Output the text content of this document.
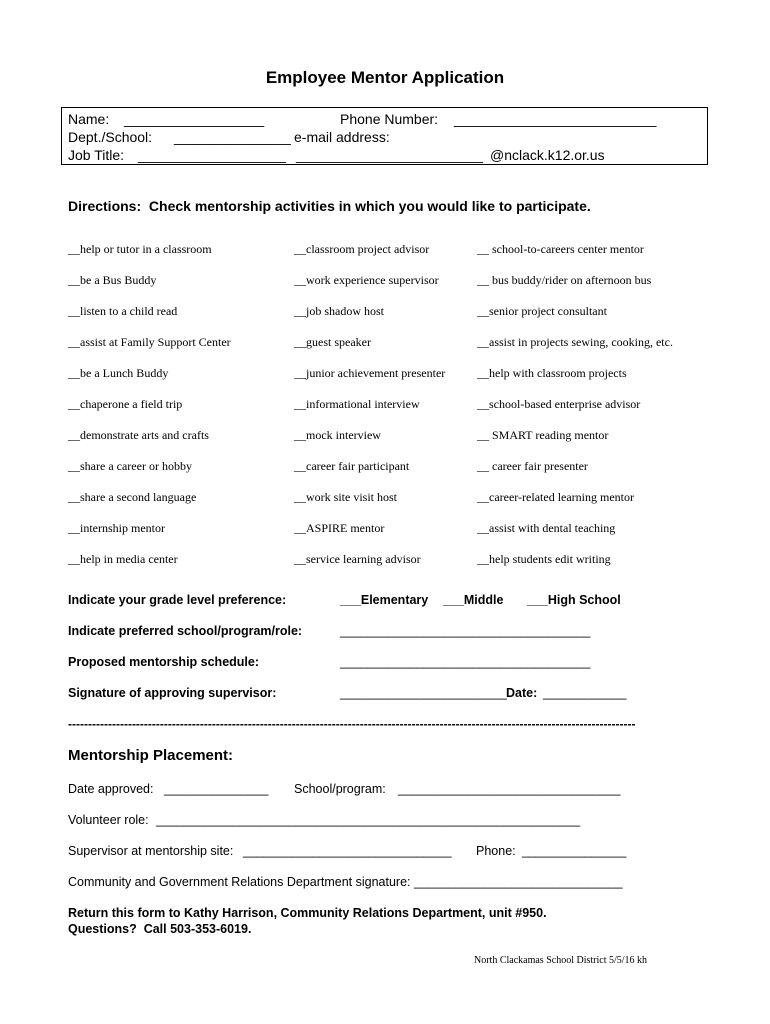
Employee Mentor Application
Name: __________________	Phone Number: __________________________
Dept./School: _______________ e-mail address:
Job Title: ___________________ ________________________ @nclack.k12.or.us
Directions:  Check mentorship activities in which you would like to participate.
__help or tutor in a classroom
__be a Bus Buddy
__listen to a child read
__assist at Family Support Center
__be a Lunch Buddy
__chaperone a field trip
__demonstrate arts and crafts
__share a career or hobby
__share a second language
__internship mentor
__help in media center
__classroom project advisor
__work experience supervisor
__job shadow host
__guest speaker
__junior achievement presenter
__informational interview
__mock interview
__career fair participant
__work site visit host
__ASPIRE mentor
__service learning advisor
__ school-to-careers center mentor
__ bus buddy/rider on afternoon bus
__senior project consultant
__assist in projects sewing, cooking, etc.
__help with classroom projects
__school-based enterprise advisor
__ SMART reading mentor
__ career fair presenter
__career-related learning mentor
__assist with dental teaching
__help students edit writing
Indicate your grade level preference:	___Elementary ___Middle ___High School
Indicate preferred school/program/role:	____________________________________
Proposed mentorship schedule:	____________________________________
Signature of approving supervisor:	________________________ Date: ____________
----------------------------------------------------------------------------------------------------------------------------------------------
Mentorship Placement:
Date approved: _______________ School/program: ________________________________
Volunteer role: _____________________________________________________________
Supervisor at mentorship site: ______________________________ Phone: _______________
Community and Government Relations Department signature: ______________________________
Return this form to Kathy Harrison, Community Relations Department, unit #950.
Questions?  Call 503-353-6019.
North Clackamas School District 5/5/16 kh
